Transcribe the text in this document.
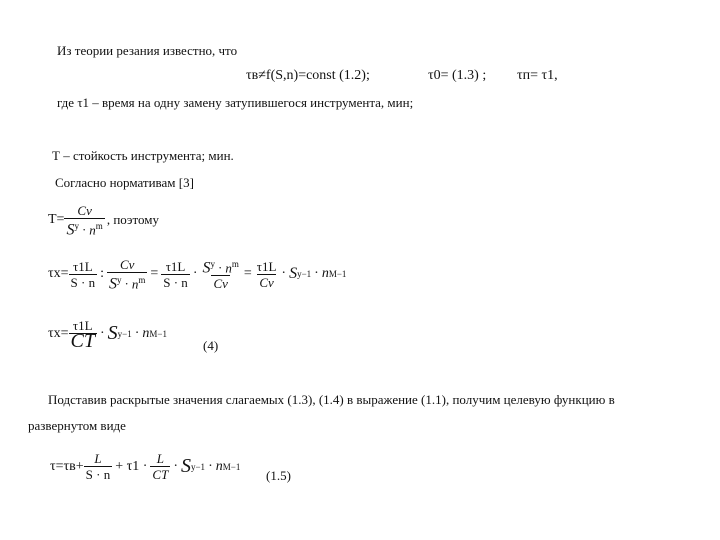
Из теории резания известно, что
τв≠f(S,n)=const (1.2);	τ0= (1.3) ; τп= τ1,
где τ1 – время на одну замену затупившегося инструмента, мин;
Т – стойкость инструмента; мин.
Согласно нормативам [3]
$Т= \frac{Cv}{S^y \cdot n^m}$ , поэтому
$\tau х= \frac{\tau 1L}{S \cdot n}$ : $\frac{Cv}{S^y \cdot n^m} = \frac{\tau 1L}{S \cdot n} \cdot \frac{S^y \cdot n^m}{Cv} = \frac{\tau 1L}{Cv} \cdot S$ y−1 · n M−1
$\tau х= \frac{\tau 1L}{CT} \cdot S$ y−1 · n M−1
(4)
Подставив раскрытые значения слагаемых (1.3), (1.4) в выражение (1.1), получим целевую функцию в
развернутом виде
$\tau=\tau в+ \frac{L}{S \cdot n} + \tau 1 \cdot \frac{L}{CT} \cdot S$ y−1 · n M−1
(1.5)
